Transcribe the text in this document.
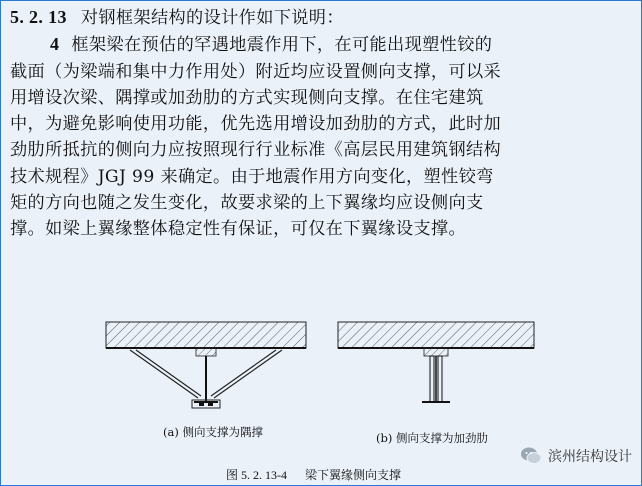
5. 2. 13 对钢框架结构的设计作如下说明：
4 框架梁在预估的罕遇地震作用下，在可能出现塑性铰的
截面（为梁端和集中力作用处）附近均应设置侧向支撑，可以采
用增设次梁、隅撑或加劲肋的方式实现侧向支撑。在住宅建筑
中，为避免影响使用功能，优先选用增设加劲肋的方式，此时加
劲肋所抵抗的侧向力应按照现行行业标准《高层民用建筑钢结构
技术规程》JGJ 99 来确定。由于地震作用方向变化，塑性铰弯
矩的方向也随之发生变化，故要求梁的上下翼缘均应设侧向支
撑。如梁上翼缘整体稳定性有保证，可仅在下翼缘设支撑。
(a) 侧向支撑为隅撑	(b) 侧向支撑为加劲肋
图 5. 2. 13-4 梁下翼缘侧向支撑
滨州结构设计
